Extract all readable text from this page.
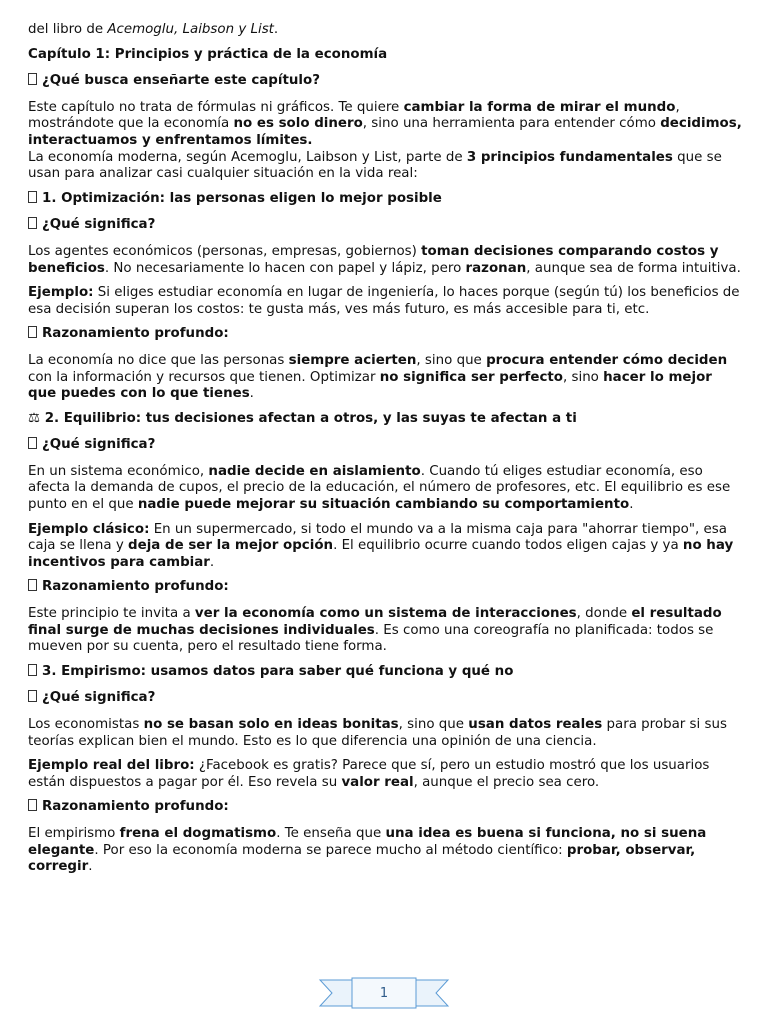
del libro de Acemoglu, Laibson y List.

Capítulo 1: Principios y práctica de la economía

¿Qué busca enseñarte este capítulo?

Este capítulo no trata de fórmulas ni gráficos. Te quiere cambiar la forma de mirar el mundo, mostrándote que la economía no es solo dinero, sino una herramienta para entender cómo decidimos, interactuamos y enfrentamos límites.
La economía moderna, según Acemoglu, Laibson y List, parte de 3 principios fundamentales que se usan para analizar casi cualquier situación en la vida real:

1. Optimización: las personas eligen lo mejor posible

¿Qué significa?

Los agentes económicos (personas, empresas, gobiernos) toman decisiones comparando costos y beneficios. No necesariamente lo hacen con papel y lápiz, pero razonan, aunque sea de forma intuitiva.

Ejemplo: Si eliges estudiar economía en lugar de ingeniería, lo haces porque (según tú) los beneficios de esa decisión superan los costos: te gusta más, ves más futuro, es más accesible para ti, etc.

Razonamiento profundo:

La economía no dice que las personas siempre acierten, sino que procura entender cómo deciden con la información y recursos que tienen. Optimizar no significa ser perfecto, sino hacer lo mejor que puedes con lo que tienes.

⚖ 2. Equilibrio: tus decisiones afectan a otros, y las suyas te afectan a ti

¿Qué significa?

En un sistema económico, nadie decide en aislamiento. Cuando tú eliges estudiar economía, eso afecta la demanda de cupos, el precio de la educación, el número de profesores, etc. El equilibrio es ese punto en el que nadie puede mejorar su situación cambiando su comportamiento.

Ejemplo clásico: En un supermercado, si todo el mundo va a la misma caja para "ahorrar tiempo", esa caja se llena y deja de ser la mejor opción. El equilibrio ocurre cuando todos eligen cajas y ya no hay incentivos para cambiar.

Razonamiento profundo:

Este principio te invita a ver la economía como un sistema de interacciones, donde el resultado final surge de muchas decisiones individuales. Es como una coreografía no planificada: todos se mueven por su cuenta, pero el resultado tiene forma.

3. Empirismo: usamos datos para saber qué funciona y qué no

¿Qué significa?

Los economistas no se basan solo en ideas bonitas, sino que usan datos reales para probar si sus teorías explican bien el mundo. Esto es lo que diferencia una opinión de una ciencia.

Ejemplo real del libro: ¿Facebook es gratis? Parece que sí, pero un estudio mostró que los usuarios están dispuestos a pagar por él. Eso revela su valor real, aunque el precio sea cero.

Razonamiento profundo:

El empirismo frena el dogmatismo. Te enseña que una idea es buena si funciona, no si suena elegante. Por eso la economía moderna se parece mucho al método científico: probar, observar, corregir.

1
